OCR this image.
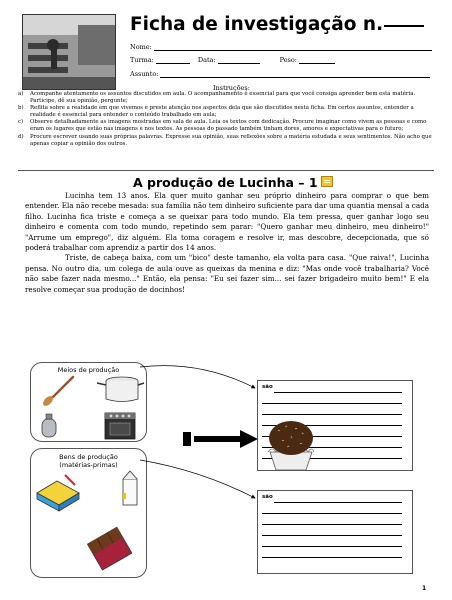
Ficha de investigação n.
Nome:
Turma:	Data:	Peso:
Assunto:
Instruções:
a)	Acompanhe atentamente os assuntos discutidos em aula. O acompanhamento é essencial para que você consiga aprender bem esta matéria. Participe, dê sua opinião, pergunte;
b)	Reflita sobre a realidade em que vivemos e preste atenção nos aspectos dela que são discutidos nesta ficha. Em certos assuntos, entender a realidade é essencial para entender o conteúdo trabalhado em aula;
c)	Observe detalhadamente as imagens mostradas em sala de aula. Leia os textos com dedicação. Procure imaginar como vivem as pessoas e como eram os lugares que estão nas imagens e nos textos. As pessoas do passado também tinham dores, amores e expectativas para o futuro;
d)	Procure escrever usando suas próprias palavras. Expresse sua opinião, suas reflexões sobre a matéria estudada e seus sentimentos. Não acho que apenas copiar a opinião dos outros.
A produção de Lucinha – 1

Lucinha tem 13 anos. Ela quer muito ganhar seu próprio dinheiro para comprar o que bem entender. Ela não recebe mesada: sua família não tem dinheiro suficiente para dar uma quantia mensal a cada filho. Lucinha fica triste e começa a se queixar para todo mundo. Ela tem pressa, quer ganhar logo seu dinheiro e comenta com todo mundo, repetindo sem parar: "Quero ganhar meu dinheiro, meu dinheiro!" "Arrume um emprego", diz alguém. Ela toma coragem e resolve ir, mas descobre, decepcionada, que só poderá trabalhar com aprendiz a partir dos 14 anos.

Triste, de cabeça baixa, com um "bico" deste tamanho, ela volta para casa. "Que raiva!", Lucinha pensa. No outro dia, um colega de aula ouve as queixas da menina e diz: "Mas onde você trabalharia? Você não sabe fazer nada mesmo..." Então, ela pensa: "Eu sei fazer sim... sei fazer brigadeiro muito bem!" E ela resolve começar sua produção de docinhos!

Meios de produção
são
Bens de produção
(matérias-primas)
são
1
